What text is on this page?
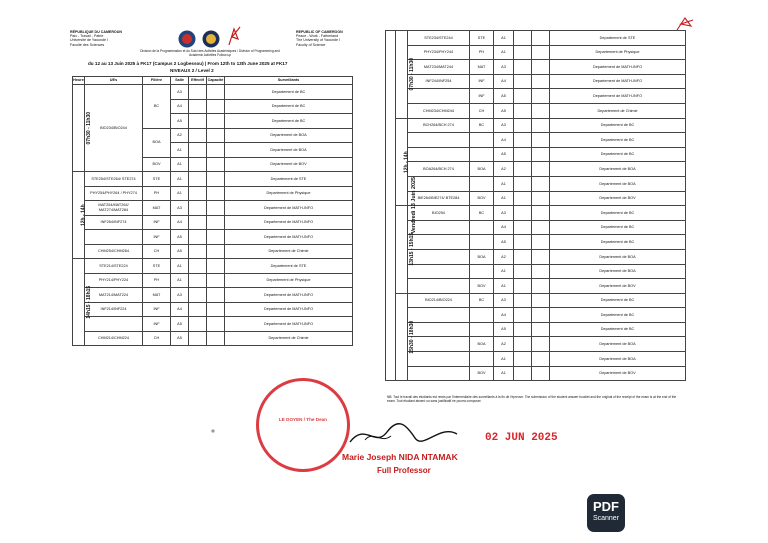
RÉPUBLIQUE DU CAMEROUN
Paix - Travail - Patrie
Université de Yaoundé I
Faculté des Sciences
REPUBLIC OF CAMEROON
Peace - Work - Fatherland
The University of Yaounde I
Faculty of Science
Division de la Programmation et du Suivi des Activités Académiques / Division of Programming and Academic Activities Follow-up
du 12 au 13 Juin 2025 à FK17 (Campus 2 Logbessou) | From 12th to 13th June 2025 at FK17
NIVEAUX 2 / Level 2
Heure	UEs	Filière	Salle	Effectif	Capacité	Surveillants
07h30 - 11h30	BIO234/BIO244	BC	A3			Departement de BC
			A4			Departement de BC
			A5			Departement de BC
		BOA	A2			Departement de BOA
			A1			Departement de BOA
		BOV	A1			Departement de BOV
12h - 14h	STE254/STE264/ STE274	STE	A1			Departement de STE
	PHY254/PHY264 / PHY274	PH	A1			Departement de Physique
	MAT254/MAT264/ MAT274/MAT284	MAT	A3			Departement de MATH-INFO
	INF264/INF274	INF	A4			Departement de MATH-INFO
		INF	A5			Departement de MATH-INFO
	CHM254/CHM264	CH	A5			Departement de Chimie
14h15 - 18h15	STE214/STE224	STE	A1			Departement de STE
	PHY214/PHY224	PH	A1			Departement de Physique
	MAT214/MAT224	MAT	A3			Departement de MATH-INFO
	INF214/INF224	INF	A4			Departement de MATH-INFO
		INF	A5			Departement de MATH-INFO
	CHM214/CHM224	CH	A5			Departement de Chimie
LE DOYEN / The Dean
Vendredi 13 Juin 2025	07h30 - 11h30	STE234/STE244	STE	A1			Departement de STE
		PHY234/PHY244	PH	A1			Departement de Physique
		MAT234/MAT244	MAT	A3			Departement de MATH-INFO
		INF244/INF254	INF	A4			Departement de MATH-INFO
			INF	A5			Departement de MATH-INFO
		CHM234/CHM244	CH	A5			Departement de Chimie
	12h - 14h	BCH264/BCH 274	BC	A3			Departement de BC
				A4			Departement de BC
				A5			Departement de BC
		BOA264/BCH 274	BOA	A2			Departement de BOA
				A1			Departement de BOA
		BIE264/BIE274/ BTE284	BOV	A1			Departement de BOV
	13h15 - 15h15	BIO254	BC	A3			Departement de BC
				A4			Departement de BC
				A5			Departement de BC
			BOA	A2			Departement de BOA
				A1			Departement de BOA
			BOV	A1			Departement de BOV
	15h30 - 18h30	BIO214/BIO224	BC	A3			Departement de BC
				A4			Departement de BC
				A5			Departement de BC
			BOA	A2			Departement de BOA
				A1			Departement de BOA
			BOV	A1			Departement de BOV
NB: Tout le travail des étudiants est remis par l'intermédiaire des surveillants à la fin de l'épreuve. The submission of the student answer booklet and the original of the receipt of the exam is at the end of the exam. Tout étudiant absent ou sans justificatif ne pourra composer.
02 JUN 2025
Marie Joseph NIDA NTAMAK
Full Professor
PDF
Scanner
